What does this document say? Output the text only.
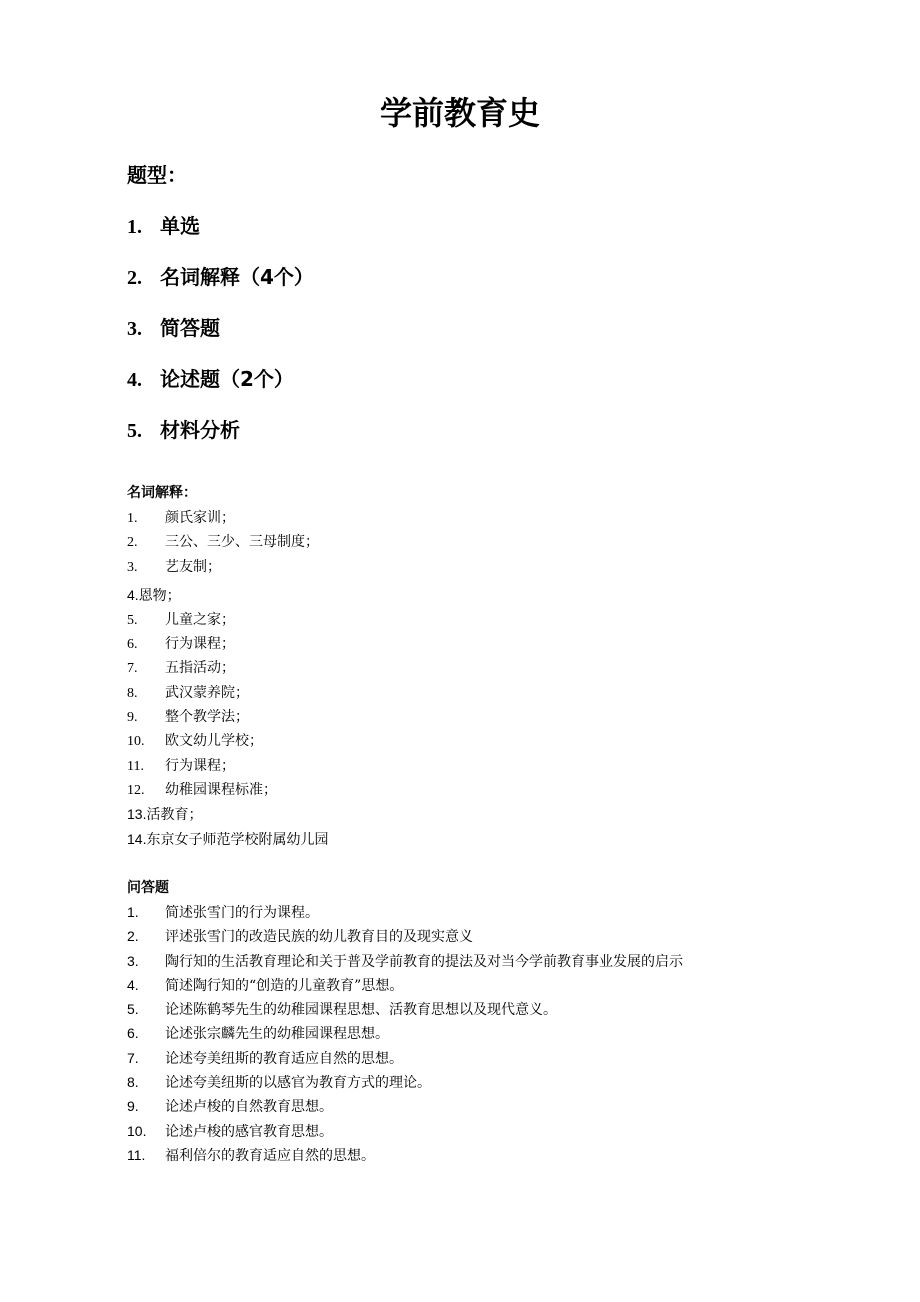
学前教育史
题型：
1. 单选
2. 名词解释（4个）
3. 简答题
4. 论述题（2个）
5. 材料分析
名词解释：
1. 颜氏家训；
2. 三公、三少、三母制度；
3. 艺友制；
4.恩物；
5. 儿童之家；
6. 行为课程；
7. 五指活动；
8. 武汉蒙养院；
9. 整个教学法；
10. 欧文幼儿学校；
11. 行为课程；
12. 幼稚园课程标准；
13.活教育；
14.东京女子师范学校附属幼儿园
问答题
1. 简述张雪门的行为课程。
2. 评述张雪门的改造民族的幼儿教育目的及现实意义
3. 陶行知的生活教育理论和关于普及学前教育的提法及对当今学前教育事业发展的启示
4. 简述陶行知的“创造的儿童教育”思想。
5. 论述陈鹤琴先生的幼稚园课程思想、活教育思想以及现代意义。
6. 论述张宗麟先生的幼稚园课程思想。
7. 论述夸美纽斯的教育适应自然的思想。
8. 论述夸美纽斯的以感官为教育方式的理论。
9. 论述卢梭的自然教育思想。
10. 论述卢梭的感官教育思想。
11. 福利倍尔的教育适应自然的思想。
